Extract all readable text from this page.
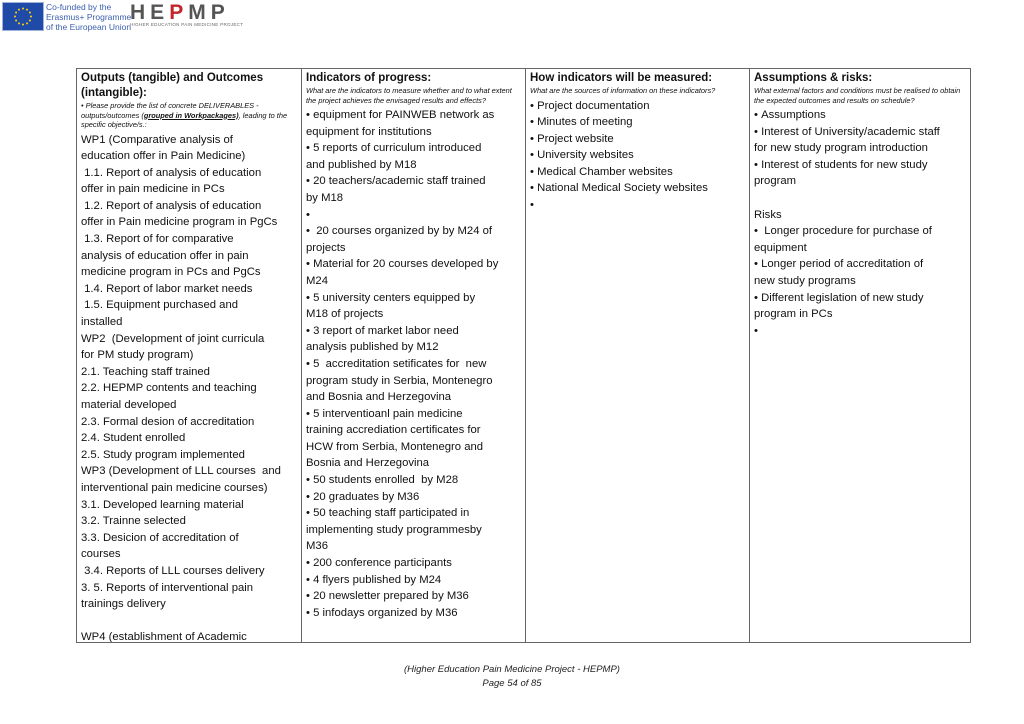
Co-funded by the
Erasmus+ Programme
of the European Union
HEPMP
HIGHER EDUCATION PAIN MEDICINE PROJECT
Outputs (tangible) and Outcomes (intangible):
• Please provide the list of concrete DELIVERABLES - outputs/outcomes (grouped in Workpackages), leading to the specific objective/s.:
WP1 (Comparative analysis of
education offer in Pain Medicine)
1.1. Report of analysis of education
offer in pain medicine in PCs
1.2. Report of analysis of education
offer in Pain medicine program in PgCs
1.3. Report of for comparative
analysis of education offer in pain
medicine program in PCs and PgCs
1.4. Report of labor market needs
1.5. Equipment purchased and
installed
WP2  (Development of joint curricula
for PM study program)
2.1. Teaching staff trained
2.2. HEPMP contents and teaching
material developed
2.3. Formal desion of accreditation
2.4. Student enrolled
2.5. Study program implemented
WP3 (Development of LLL courses  and
interventional pain medicine courses)
3.1. Developed learning material
3.2. Trainne selected
3.3. Desicion of accreditation of
courses
3.4. Reports of LLL courses delivery
3. 5. Reports of interventional pain
trainings delivery
WP4 (establishment of Academic
Indicators of progress:
What are the indicators to measure whether and to what extent the project achieves the envisaged results and effects?
• equipment for PAINWEB network as
equipment for institutions
• 5 reports of curriculum introduced
and published by M18
• 20 teachers/academic staff trained
by M18
•
•  20 courses organized by by M24 of
projects
• Material for 20 courses developed by
M24
• 5 university centers equipped by
M18 of projects
• 3 report of market labor need
analysis published by M12
• 5  accreditation setificates for  new
program study in Serbia, Montenegro
and Bosnia and Herzegovina
• 5 interventioanl pain medicine
training accrediation certificates for
HCW from Serbia, Montenegro and
Bosnia and Herzegovina
• 50 students enrolled  by M28
• 20 graduates by M36
• 50 teaching staff participated in
implementing study programmesby
M36
• 200 conference participants
• 4 flyers published by M24
• 20 newsletter prepared by M36
• 5 infodays organized by M36
How indicators will be measured:
What are the sources of information on these indicators?
• Project documentation
• Minutes of meeting
• Project website
• University websites
• Medical Chamber websites
• National Medical Society websites
•
Assumptions & risks:
What external factors and conditions must be realised to obtain the expected outcomes and results on schedule?
• Assumptions
• Interest of University/academic staff
for new study program introduction
• Interest of students for new study
program
Risks
•  Longer procedure for purchase of
equipment
• Longer period of accreditation of
new study programs
• Different legislation of new study
program in PCs
•
(Higher Education Pain Medicine Project - HEPMP)
Page 54 of 85
